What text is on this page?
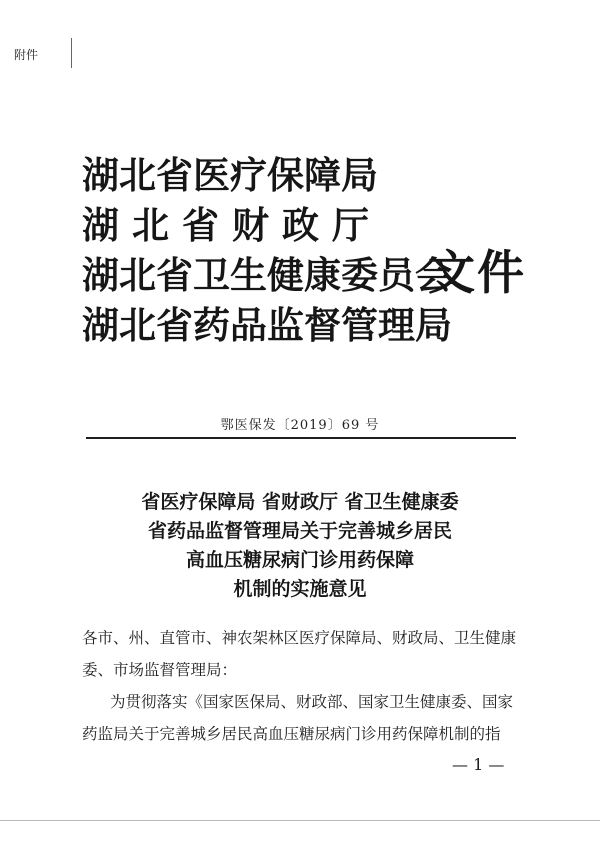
附件
湖北省医疗保障局
湖北省财政厅
湖北省卫生健康委员会
湖北省药品监督管理局
文件
鄂医保发〔2019〕69 号
省医疗保障局 省财政厅 省卫生健康委
省药品监督管理局关于完善城乡居民
高血压糖尿病门诊用药保障
机制的实施意见
各市、州、直管市、神农架林区医疗保障局、财政局、卫生健康
委、市场监督管理局：
为贯彻落实《国家医保局、财政部、国家卫生健康委、国家
药监局关于完善城乡居民高血压糖尿病门诊用药保障机制的指
— 1 —
